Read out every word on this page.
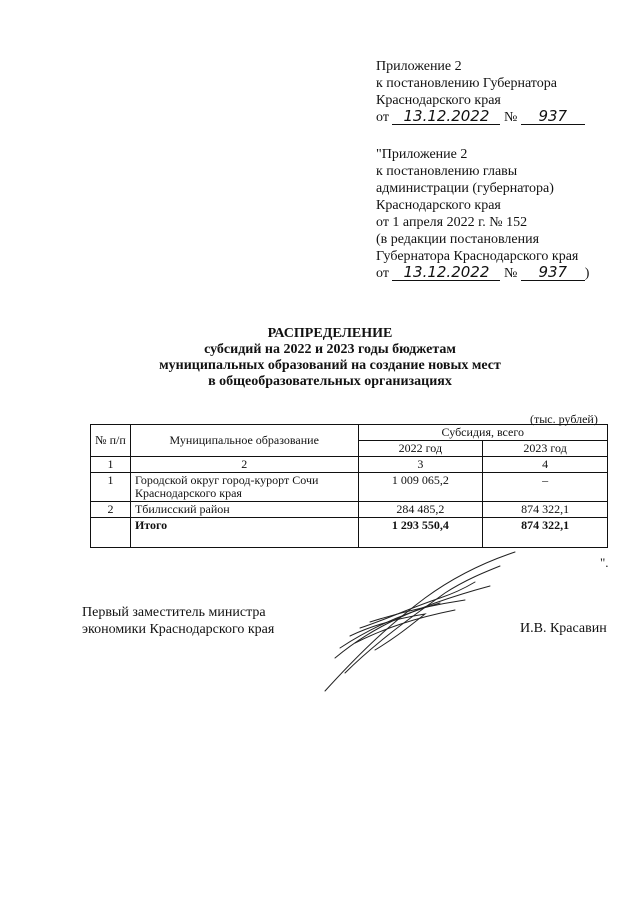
Приложение 2
к постановлению Губернатора
Краснодарского края
от 13.12.2022 № 937
"Приложение 2
к постановлению главы
администрации (губернатора)
Краснодарского края
от 1 апреля 2022 г. № 152
(в редакции постановления
Губернатора Краснодарского края
от 13.12.2022 № 937 )
РАСПРЕДЕЛЕНИЕ
субсидий на 2022 и 2023 годы бюджетам
муниципальных образований на создание новых мест
в общеобразовательных организациях
(тыс. рублей)
№ п/п	Муниципальное образование	Субсидия, всего	
		2022 год	2023 год
1	2	3	4
1	Городской округ город-курорт Сочи Краснодарского края	1 009 065,2	–
2	Тбилисский район	284 485,2	874 322,1
	Итого	1 293 550,4	874 322,1
".
Первый заместитель министра
экономики Краснодарского края	И.В. Красавин
